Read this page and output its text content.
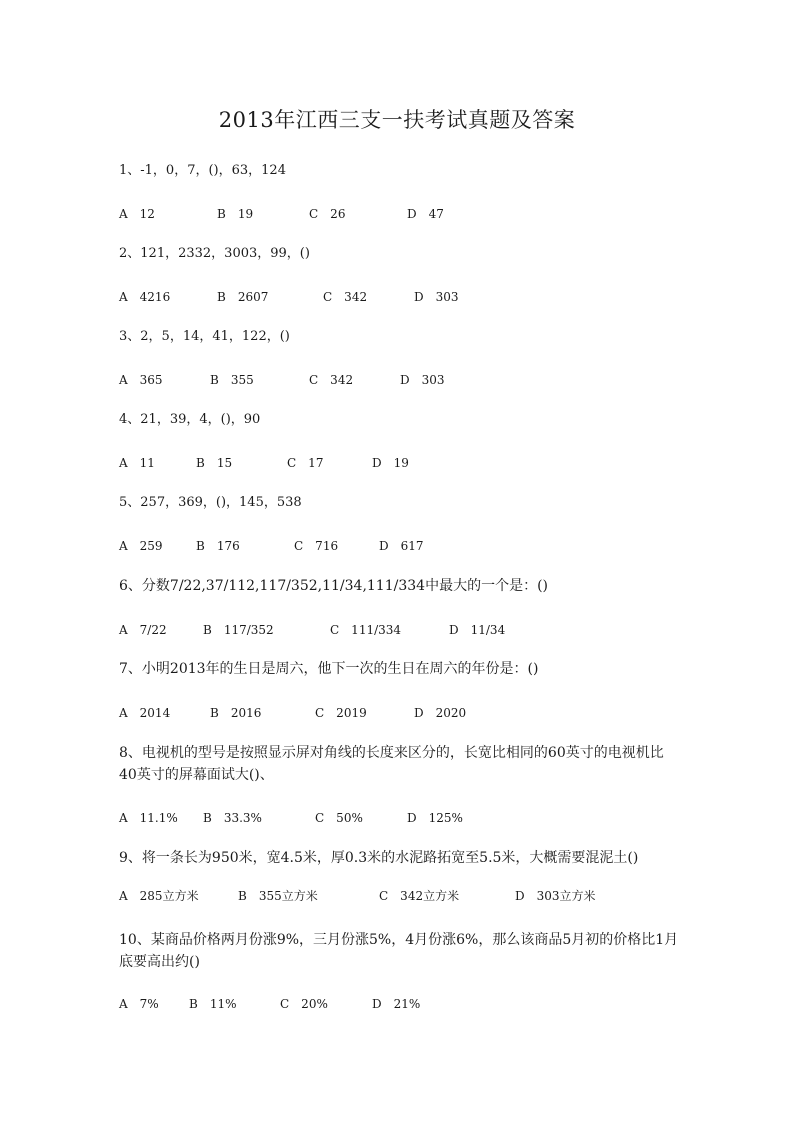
2013年江西三支一扶考试真题及答案
1、-1，0，7，()，63，124
A　12	B　19	C　26	D　47
2、121，2332，3003，99，()
A　4216	B　2607	C　342	D　303
3、2，5，14，41，122，()
A　365	B　355	C　342	D　303
4、21，39，4，()，90
A　11	B　15	C　17	D　19
5、257，369，()，145，538
A　259	B　176	C　716	D　617
6、分数7/22,37/112,117/352,11/34,111/334中最大的一个是：()
A　7/22	B　117/352	C　111/334	D　11/34
7、小明2013年的生日是周六，他下一次的生日在周六的年份是：()
A　2014	B　2016	C　2019	D　2020
8、电视机的型号是按照显示屏对角线的长度来区分的，长宽比相同的60英寸的电视机比40英寸的屏幕面试大()、
A　11.1% B　33.3%	C　50%	D　125%
9、将一条长为950米，宽4.5米，厚0.3米的水泥路拓宽至5.5米，大概需要混泥土()
A　285立方米	B　355立方米	C　342立方米	D　303立方米
10、某商品价格两月份涨9%，三月份涨5%，4月份涨6%，那么该商品5月初的价格比1月底要高出约()
A　7%	B　11%	C　20%	D　21%
